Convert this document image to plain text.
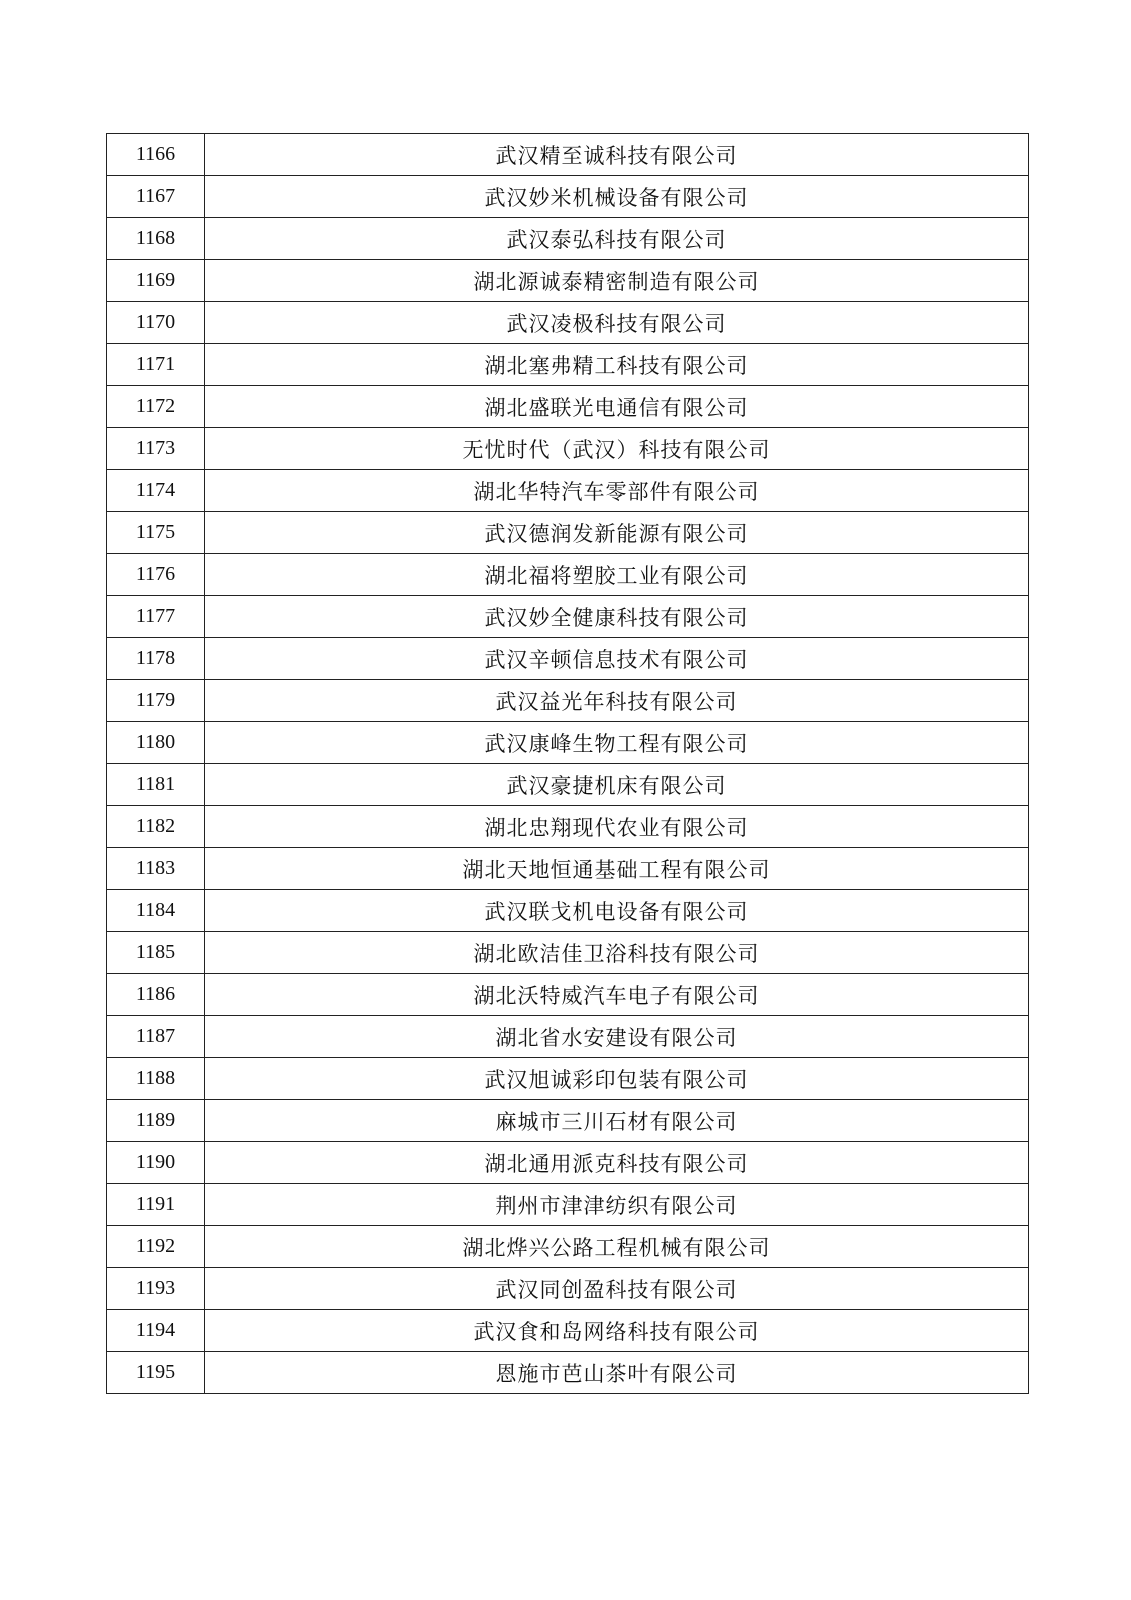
1166	武汉精至诚科技有限公司
1167	武汉妙米机械设备有限公司
1168	武汉泰弘科技有限公司
1169	湖北源诚泰精密制造有限公司
1170	武汉凌极科技有限公司
1171	湖北塞弗精工科技有限公司
1172	湖北盛联光电通信有限公司
1173	无忧时代（武汉）科技有限公司
1174	湖北华特汽车零部件有限公司
1175	武汉德润发新能源有限公司
1176	湖北福将塑胶工业有限公司
1177	武汉妙全健康科技有限公司
1178	武汉辛顿信息技术有限公司
1179	武汉益光年科技有限公司
1180	武汉康峰生物工程有限公司
1181	武汉豪捷机床有限公司
1182	湖北忠翔现代农业有限公司
1183	湖北天地恒通基础工程有限公司
1184	武汉联戈机电设备有限公司
1185	湖北欧洁佳卫浴科技有限公司
1186	湖北沃特威汽车电子有限公司
1187	湖北省水安建设有限公司
1188	武汉旭诚彩印包装有限公司
1189	麻城市三川石材有限公司
1190	湖北通用派克科技有限公司
1191	荆州市津津纺织有限公司
1192	湖北烨兴公路工程机械有限公司
1193	武汉同创盈科技有限公司
1194	武汉食和岛网络科技有限公司
1195	恩施市芭山茶叶有限公司
